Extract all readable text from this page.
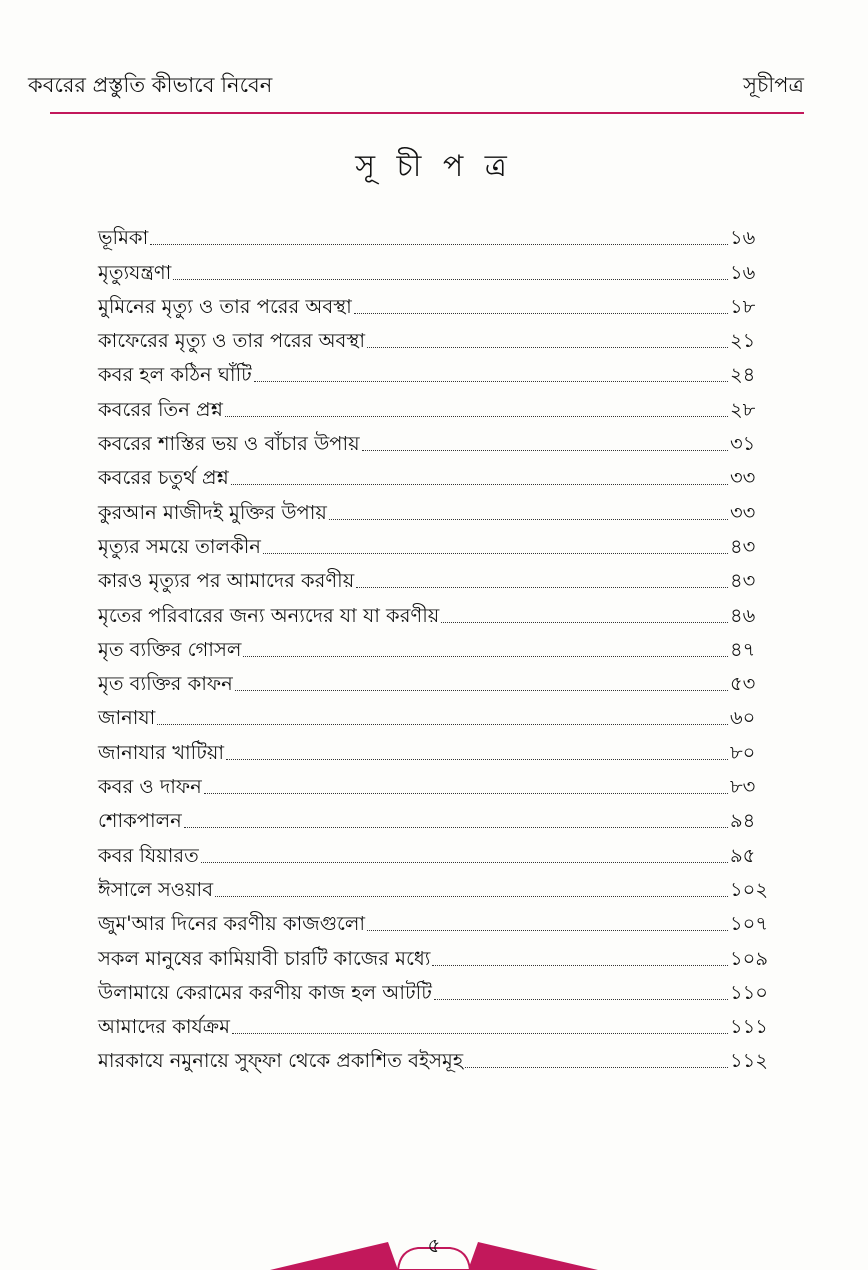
কবরের প্রস্তুতি কীভাবে নিবেন	সূচীপত্র
সূ চী প ত্র
ভূমিকা	১৬
মৃত্যুযন্ত্রণা	১৬
মুমিনের মৃত্যু ও তার পরের অবস্থা	১৮
কাফেরের মৃত্যু ও তার পরের অবস্থা	২১
কবর হল কঠিন ঘাঁটি	২৪
কবরের তিন প্রশ্ন	২৮
কবরের শাস্তির ভয় ও বাঁচার উপায়	৩১
কবরের চতুর্থ প্রশ্ন	৩৩
কুরআন মাজীদই মুক্তির উপায়	৩৩
মৃত্যুর সময়ে তালকীন	৪৩
কারও মৃত্যুর পর আমাদের করণীয়	৪৩
মৃতের পরিবারের জন্য অন্যদের যা যা করণীয়	৪৬
মৃত ব্যক্তির গোসল	৪৭
মৃত ব্যক্তির কাফন	৫৩
জানাযা	৬০
জানাযার খাটিয়া	৮০
কবর ও দাফন	৮৩
শোকপালন	৯৪
কবর যিয়ারত	৯৫
ঈসালে সওয়াব	১০২
জুম'আর দিনের করণীয় কাজগুলো	১০৭
সকল মানুষের কামিয়াবী চারটি কাজের মধ্যে	১০৯
উলামায়ে কেরামের করণীয় কাজ হল আটটি	১১০
আমাদের কার্যক্রম	১১১
মারকাযে নমুনায়ে সুফ্ফা থেকে প্রকাশিত বইসমূহ	১১২
৫
